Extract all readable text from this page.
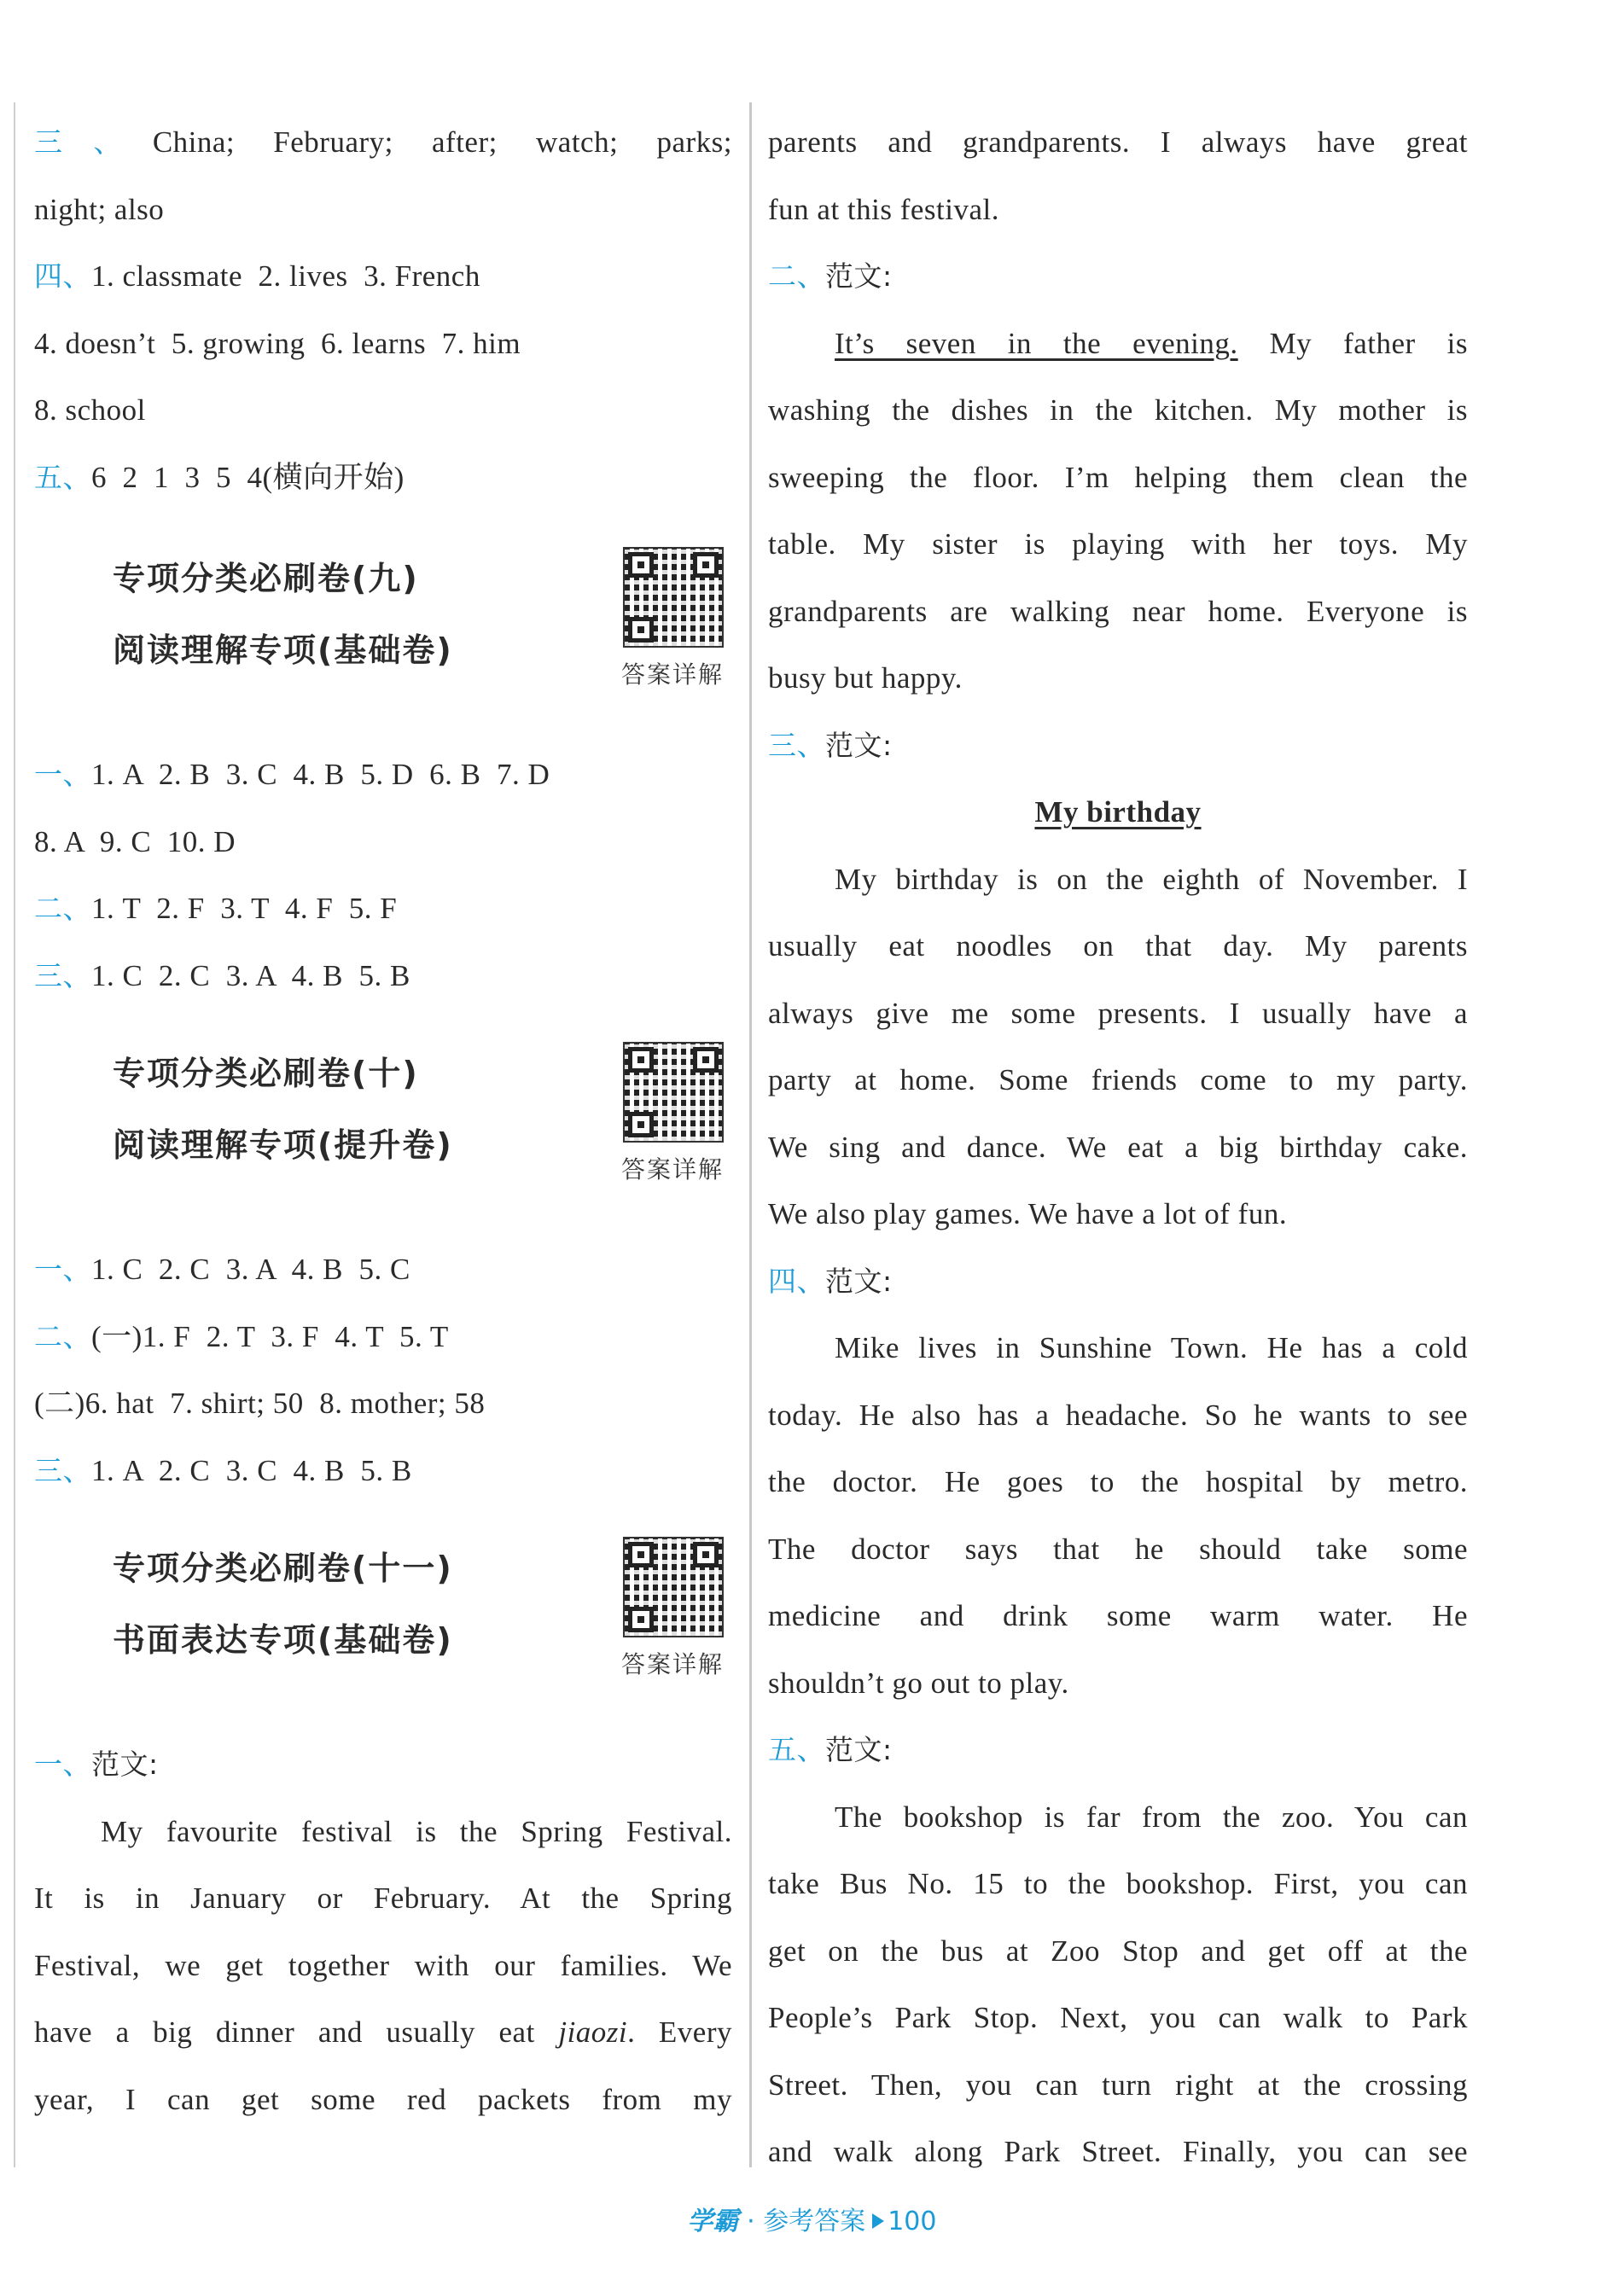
三、China; February; after; watch; parks;
night; also
四、1. classmate  2. lives  3. French
4. doesn’t  5. growing  6. learns  7. him
8. school
五、6  2  1  3  5  4(横向开始)
专项分类必刷卷(九)
阅读理解专项(基础卷)
答案详解
一、1. A  2. B  3. C  4. B  5. D  6. B  7. D
8. A  9. C  10. D
二、1. T  2. F  3. T  4. F  5. F
三、1. C  2. C  3. A  4. B  5. B
专项分类必刷卷(十)
阅读理解专项(提升卷)
答案详解
一、1. C  2. C  3. A  4. B  5. C
二、(一)1. F  2. T  3. F  4. T  5. T
(二)6. hat  7. shirt; 50  8. mother; 58
三、1. A  2. C  3. C  4. B  5. B
专项分类必刷卷(十一)
书面表达专项(基础卷)
答案详解
一、范文:
My favourite festival is the Spring Festival.
It is in January or February. At the Spring
Festival, we get together with our families. We
have a big dinner and usually eat jiaozi. Every
year, I can get some red packets from my
parents and grandparents. I always have great
fun at this festival.
二、范文:
It’s seven in the evening. My father is
washing the dishes in the kitchen. My mother is
sweeping the floor. I’m helping them clean the
table. My sister is playing with her toys. My
grandparents are walking near home. Everyone is
busy but happy.
三、范文:
My birthday
My birthday is on the eighth of November. I
usually eat noodles on that day. My parents
always give me some presents. I usually have a
party at home. Some friends come to my party.
We sing and dance. We eat a big birthday cake.
We also play games. We have a lot of fun.
四、范文:
Mike lives in Sunshine Town. He has a cold
today. He also has a headache. So he wants to see
the doctor. He goes to the hospital by metro.
The doctor says that he should take some
medicine and drink some warm water. He
shouldn’t go out to play.
五、范文:
The bookshop is far from the zoo. You can
take Bus No. 15 to the bookshop. First, you can
get on the bus at Zoo Stop and get off at the
People’s Park Stop. Next, you can walk to Park
Street. Then, you can turn right at the crossing
and walk along Park Street. Finally, you can see
学霸 · 参考答案 100
